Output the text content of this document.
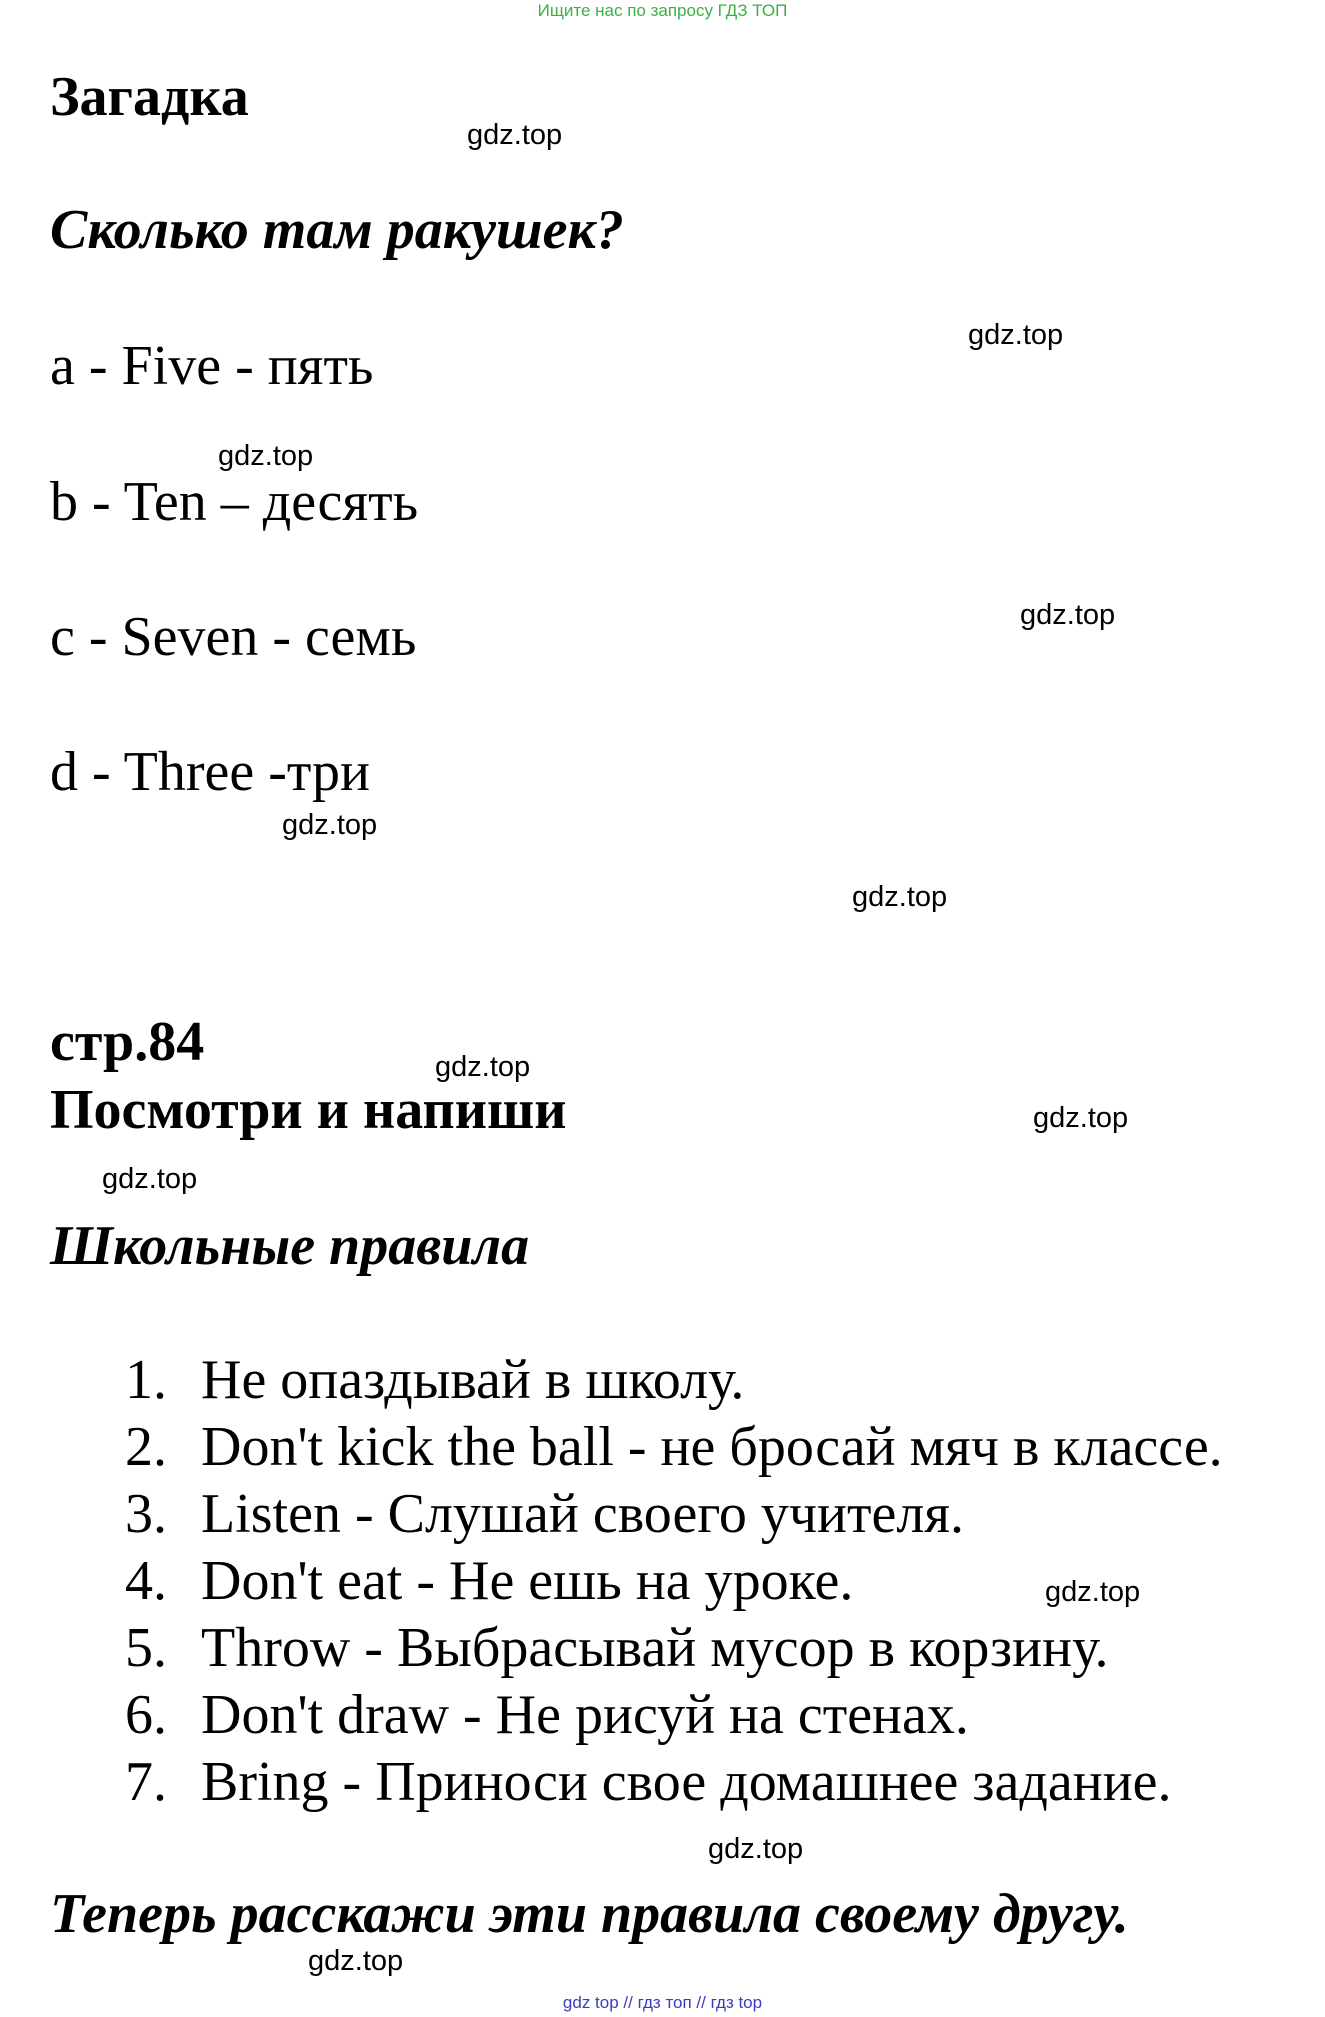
Ищите нас по запросу ГДЗ ТОП
Загадка
Сколько там ракушек?
a - Five - пять
b - Ten – десять
c - Seven - семь
d - Three -три
стр.84
Посмотри и напиши
Школьные правила
1. Не опаздывай в школу.
2. Don't kick the ball - не бросай мяч в классе.
3. Listen - Слушай своего учителя.
4. Don't eat - Не ешь на уроке.
5. Throw - Выбрасывай мусор в корзину.
6. Don't draw - Не рисуй на стенах.
7. Bring - Приноси свое домашнее задание.
Теперь расскажи эти правила своему другу.
gdz.top
gdz.top
gdz.top
gdz.top
gdz.top
gdz.top
gdz.top
gdz.top
gdz.top
gdz.top
gdz.top
gdz.top
gdz top // гдз топ // гдз top
